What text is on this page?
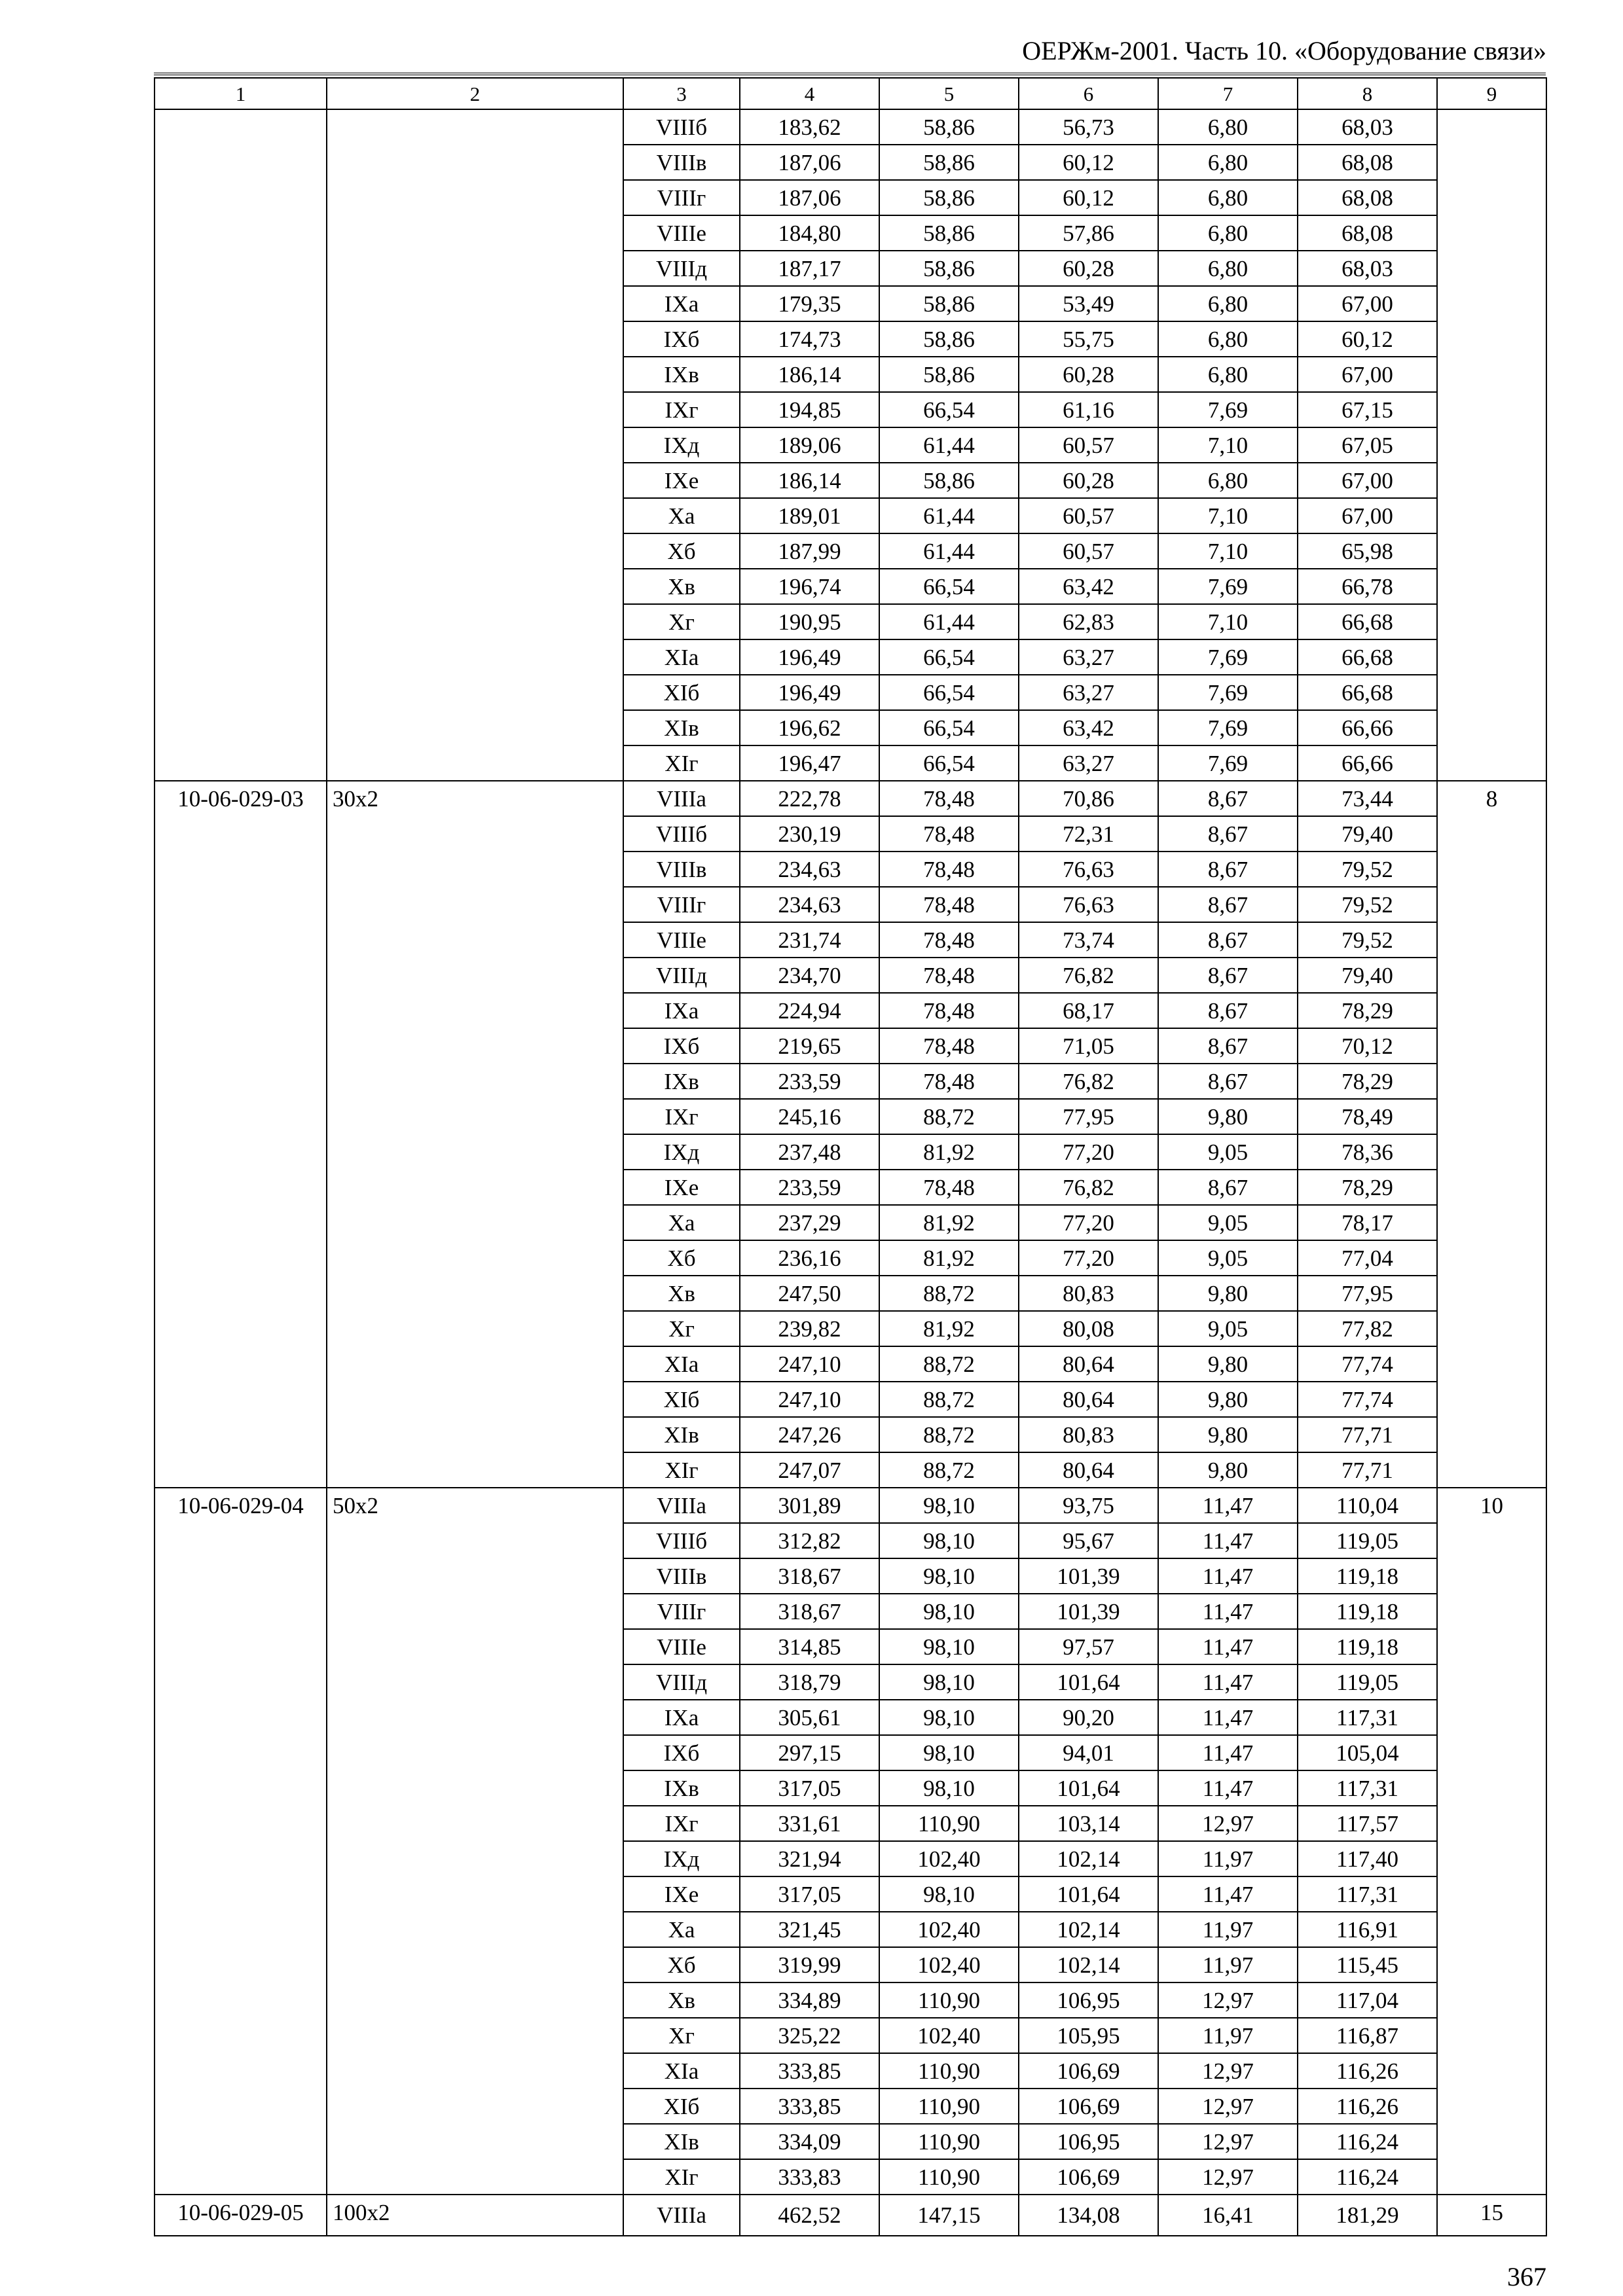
ОЕРЖм-2001. Часть 10. «Оборудование связи»
1	2	3	4	5	6	7	8	9
		VIIIб	183,62	58,86	56,73	6,80	68,03	
		VIIIв	187,06	58,86	60,12	6,80	68,08	
		VIIIг	187,06	58,86	60,12	6,80	68,08	
		VIIIе	184,80	58,86	57,86	6,80	68,08	
		VIIIд	187,17	58,86	60,28	6,80	68,03	
		IXа	179,35	58,86	53,49	6,80	67,00	
		IXб	174,73	58,86	55,75	6,80	60,12	
		IXв	186,14	58,86	60,28	6,80	67,00	
		IXг	194,85	66,54	61,16	7,69	67,15	
		IXд	189,06	61,44	60,57	7,10	67,05	
		IXе	186,14	58,86	60,28	6,80	67,00	
		Xа	189,01	61,44	60,57	7,10	67,00	
		Xб	187,99	61,44	60,57	7,10	65,98	
		Xв	196,74	66,54	63,42	7,69	66,78	
		Xг	190,95	61,44	62,83	7,10	66,68	
		XIа	196,49	66,54	63,27	7,69	66,68	
		XIб	196,49	66,54	63,27	7,69	66,68	
		XIв	196,62	66,54	63,42	7,69	66,66	
		XIг	196,47	66,54	63,27	7,69	66,66	
10-06-029-03	30х2	VIIIа	222,78	78,48	70,86	8,67	73,44	8
		VIIIб	230,19	78,48	72,31	8,67	79,40	
		VIIIв	234,63	78,48	76,63	8,67	79,52	
		VIIIг	234,63	78,48	76,63	8,67	79,52	
		VIIIе	231,74	78,48	73,74	8,67	79,52	
		VIIIд	234,70	78,48	76,82	8,67	79,40	
		IXа	224,94	78,48	68,17	8,67	78,29	
		IXб	219,65	78,48	71,05	8,67	70,12	
		IXв	233,59	78,48	76,82	8,67	78,29	
		IXг	245,16	88,72	77,95	9,80	78,49	
		IXд	237,48	81,92	77,20	9,05	78,36	
		IXе	233,59	78,48	76,82	8,67	78,29	
		Xа	237,29	81,92	77,20	9,05	78,17	
		Xб	236,16	81,92	77,20	9,05	77,04	
		Xв	247,50	88,72	80,83	9,80	77,95	
		Xг	239,82	81,92	80,08	9,05	77,82	
		XIа	247,10	88,72	80,64	9,80	77,74	
		XIб	247,10	88,72	80,64	9,80	77,74	
		XIв	247,26	88,72	80,83	9,80	77,71	
		XIг	247,07	88,72	80,64	9,80	77,71	
10-06-029-04	50х2	VIIIа	301,89	98,10	93,75	11,47	110,04	10
		VIIIб	312,82	98,10	95,67	11,47	119,05	
		VIIIв	318,67	98,10	101,39	11,47	119,18	
		VIIIг	318,67	98,10	101,39	11,47	119,18	
		VIIIе	314,85	98,10	97,57	11,47	119,18	
		VIIIд	318,79	98,10	101,64	11,47	119,05	
		IXа	305,61	98,10	90,20	11,47	117,31	
		IXб	297,15	98,10	94,01	11,47	105,04	
		IXв	317,05	98,10	101,64	11,47	117,31	
		IXг	331,61	110,90	103,14	12,97	117,57	
		IXд	321,94	102,40	102,14	11,97	117,40	
		IXе	317,05	98,10	101,64	11,47	117,31	
		Xа	321,45	102,40	102,14	11,97	116,91	
		Xб	319,99	102,40	102,14	11,97	115,45	
		Xв	334,89	110,90	106,95	12,97	117,04	
		Xг	325,22	102,40	105,95	11,97	116,87	
		XIа	333,85	110,90	106,69	12,97	116,26	
		XIб	333,85	110,90	106,69	12,97	116,26	
		XIв	334,09	110,90	106,95	12,97	116,24	
		XIг	333,83	110,90	106,69	12,97	116,24	
10-06-029-05	100х2	VIIIа	462,52	147,15	134,08	16,41	181,29	15
367
